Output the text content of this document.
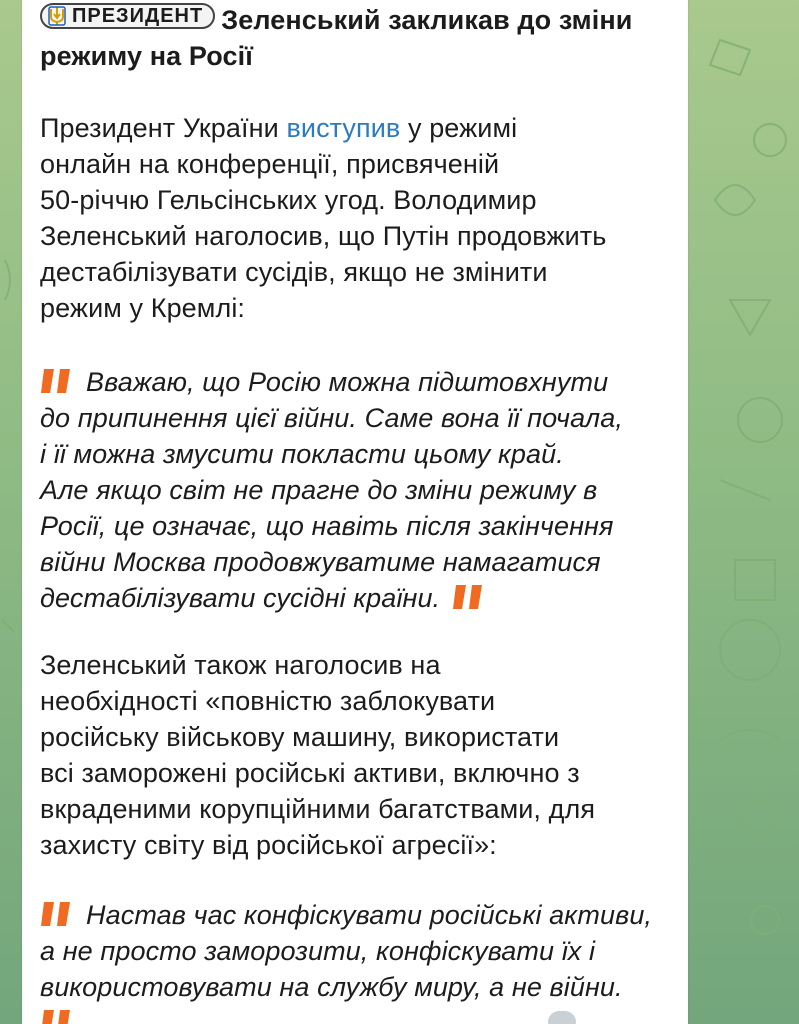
ПРЕЗИДЕНТ Зеленський закликав до зміни режиму на Росії

Президент України виступив у режимі

онлайн на конференції, присвяченій

50-річчю Гельсінських угод. Володимир

Зеленський наголосив, що Путін продовжить

дестабілізувати сусідів, якщо не змінити

режим у Кремлі:

Вважаю, що Росію можна підштовхнути

до припинення цієї війни. Саме вона її почала,

і її можна змусити покласти цьому край.

Але якщо світ не прагне до зміни режиму в

Росії, це означає, що навіть після закінчення

війни Москва продовжуватиме намагатися

дестабілізувати сусідні країни.

Зеленський також наголосив на

необхідності «повністю заблокувати

російську військову машину, використати

всі заморожені російські активи, включно з

вкраденими корупційними багатствами, для

захисту світу від російської агресії»:

Настав час конфіскувати російські активи,

а не просто заморозити, конфіскувати їх і

використовувати на службу миру, а не війни.
